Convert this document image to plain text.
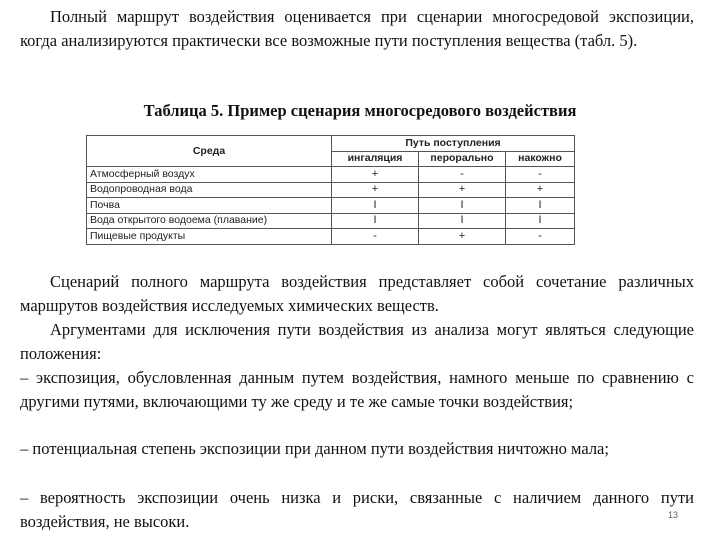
Полный маршрут воздействия оценивается при сценарии многосредовой экспозиции, когда анализируются практически все возможные пути поступления вещества (табл. 5).

Таблица 5. Пример сценария многосредового воздействия
Среда	Путь поступления		
	ингаляция	перорально	накожно
Атмосферный воздух	+	-	-
Водопроводная вода	+	+	+
Почва	I	I	I
Вода открытого водоема (плавание)	I	I	I
Пищевые продукты	-	+	-

Сценарий полного маршрута воздействия представляет собой сочетание различных маршрутов воздействия исследуемых химических веществ.

Аргументами для исключения пути воздействия из анализа могут являться следующие положения:

– экспозиция, обусловленная данным путем воздействия, намного меньше по сравнению с другими путями, включающими ту же среду и те же самые точки воздействия;

– потенциальная степень экспозиции при данном пути воздействия ничтожно мала;

– вероятность экспозиции очень низка и риски, связанные с наличием данного пути воздействия, не высоки.	13
